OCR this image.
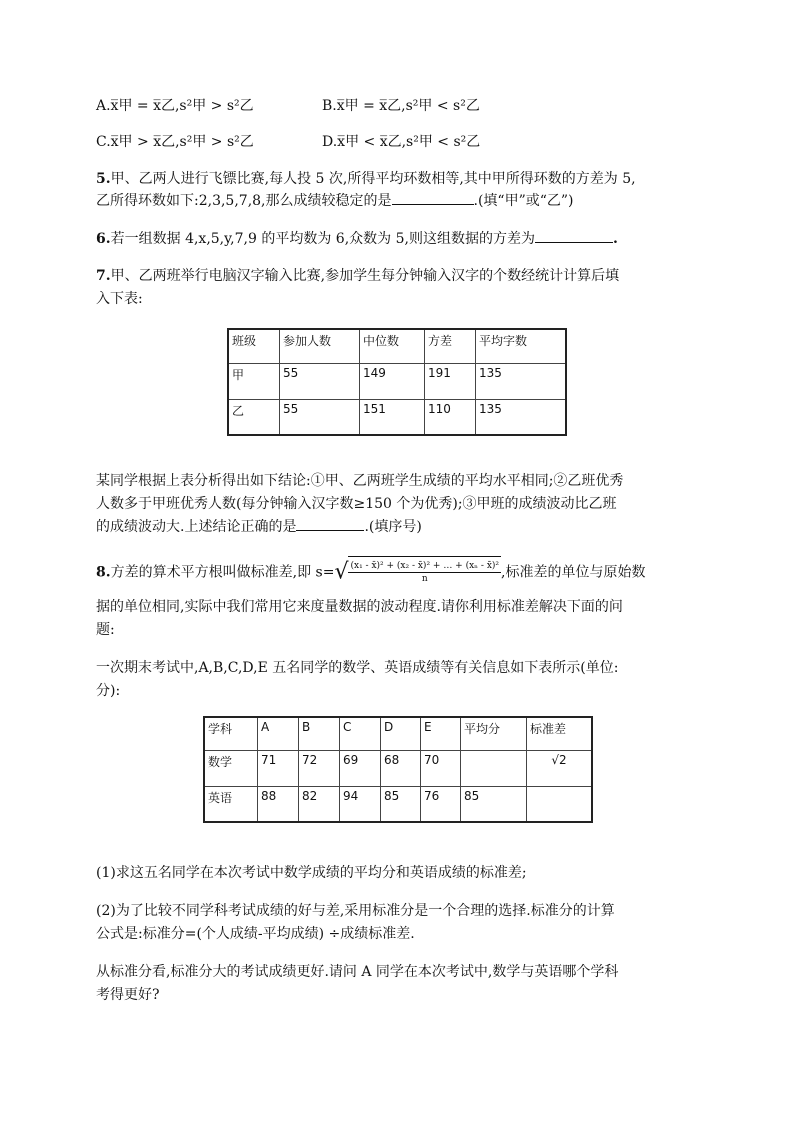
A.x̅甲 = x̅乙,s²甲 > s²乙	B.x̅甲 = x̅乙,s²甲 < s²乙
C.x̅甲 > x̅乙,s²甲 > s²乙	D.x̅甲 < x̅乙,s²甲 < s²乙
5.甲、乙两人进行飞镖比赛,每人投 5 次,所得平均环数相等,其中甲所得环数的方差为 5,
乙所得环数如下:2,3,5,7,8,那么成绩较稳定的是	.(填“甲”或“乙”)
6.若一组数据 4,x,5,y,7,9 的平均数为 6,众数为 5,则这组数据的方差为	.
7.甲、乙两班举行电脑汉字输入比赛,参加学生每分钟输入汉字的个数经统计计算后填
入下表:
班级	参加人数	中位数	方差	平均字数
甲	55	149	191	135
乙	55	151	110	135
某同学根据上表分析得出如下结论:①甲、乙两班学生成绩的平均水平相同;②乙班优秀
人数多于甲班优秀人数(每分钟输入汉字数≥150 个为优秀);③甲班的成绩波动比乙班
的成绩波动大.上述结论正确的是	.(填序号)
8.方差的算术平方根叫做标准差,即 $s=√ \frac{\text{(x₁ - x̄)² + (x₂ - x̄)² + … + (xₙ - x̄)²}}{n}$ ,标准差的单位与原始数
据的单位相同,实际中我们常用它来度量数据的波动程度.请你利用标准差解决下面的问
题:
一次期末考试中,A,B,C,D,E 五名同学的数学、英语成绩等有关信息如下表所示(单位:
分):
学科	A	B	C	D	E	平均分	标准差
数学	71	72	69	68	70		√2
英语	88	82	94	85	76	85	
(1)求这五名同学在本次考试中数学成绩的平均分和英语成绩的标准差;
(2)为了比较不同学科考试成绩的好与差,采用标准分是一个合理的选择.标准分的计算
公式是:标准分=(个人成绩-平均成绩) ÷成绩标准差.
从标准分看,标准分大的考试成绩更好.请问 A 同学在本次考试中,数学与英语哪个学科
考得更好?
